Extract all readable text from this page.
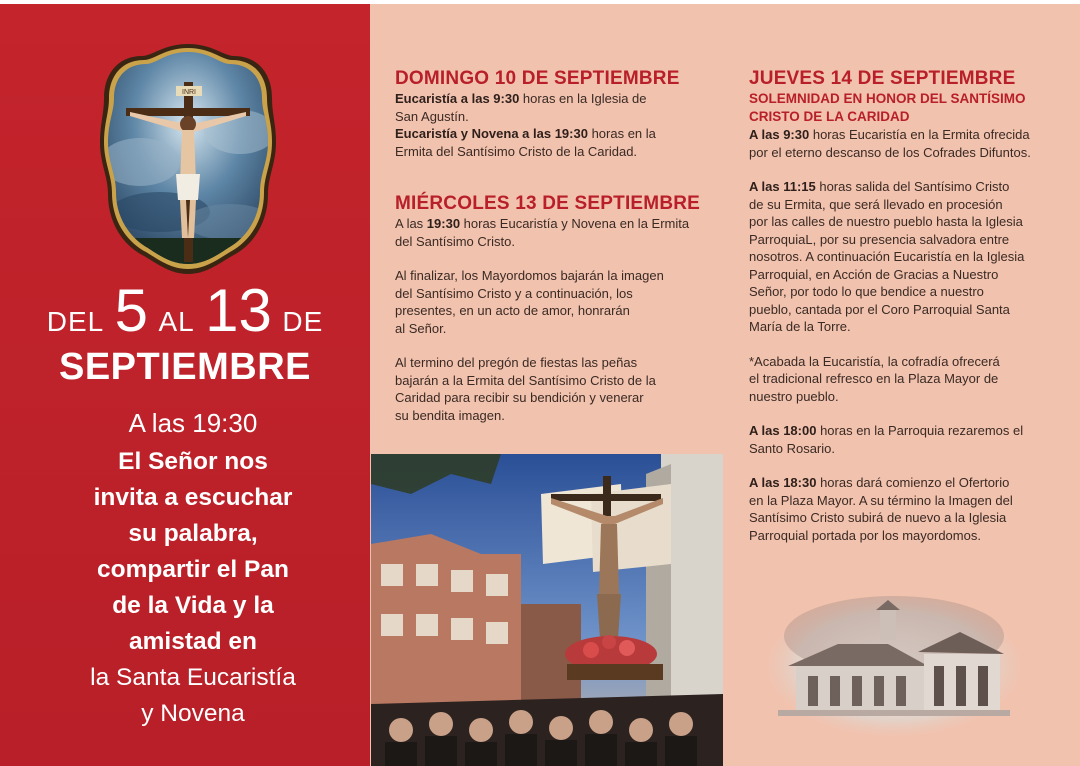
INRI
DEL 5 AL 13 DE
SEPTIEMBRE
A las 19:30
El Señor nos
invita a escuchar
su palabra,
compartir el Pan
de la Vida y la
amistad en
la Santa Eucaristía
y Novena
DOMINGO 10 DE SEPTIEMBRE

Eucaristía a las 9:30 horas en la Iglesia de
San Agustín.

Eucaristía y Novena a las 19:30 horas en la
Ermita del Santísimo Cristo de la Caridad.

MIÉRCOLES 13 DE SEPTIEMBRE

A las 19:30 horas Eucaristía y Novena en la Ermita
del Santísimo Cristo.

Al finalizar, los Mayordomos bajarán la imagen
del Santísimo Cristo y a continuación, los
presentes, en un acto de amor, honrarán
al Señor.

Al termino del pregón de fiestas las peñas
bajarán a la Ermita del Santísimo Cristo de la
Caridad para recibir su bendición y venerar
su bendita imagen.

JUEVES 14 DE SEPTIEMBRE
SOLEMNIDAD EN HONOR DEL SANTÍSIMO
CRISTO DE LA CARIDAD

A las 9:30 horas Eucaristía en la Ermita ofrecida
por el eterno descanso de los Cofrades Difuntos.

A las 11:15 horas salida del Santísimo Cristo
de su Ermita, que será llevado en procesión
por las calles de nuestro pueblo hasta la Iglesia
ParroquiaL, por su presencia salvadora entre
nosotros. A continuación Eucaristía en la Iglesia
Parroquial, en Acción de Gracias a Nuestro
Señor, por todo lo que bendice a nuestro
pueblo, cantada por el Coro Parroquial Santa
María de la Torre.

*Acabada la Eucaristía, la cofradía ofrecerá
el tradicional refresco en la Plaza Mayor de
nuestro pueblo.

A las 18:00 horas en la Parroquia rezaremos el
Santo Rosario.

A las 18:30 horas dará comienzo el Ofertorio
en la Plaza Mayor. A su término la Imagen del
Santísimo Cristo subirá de nuevo a la Iglesia
Parroquial portada por los mayordomos.
